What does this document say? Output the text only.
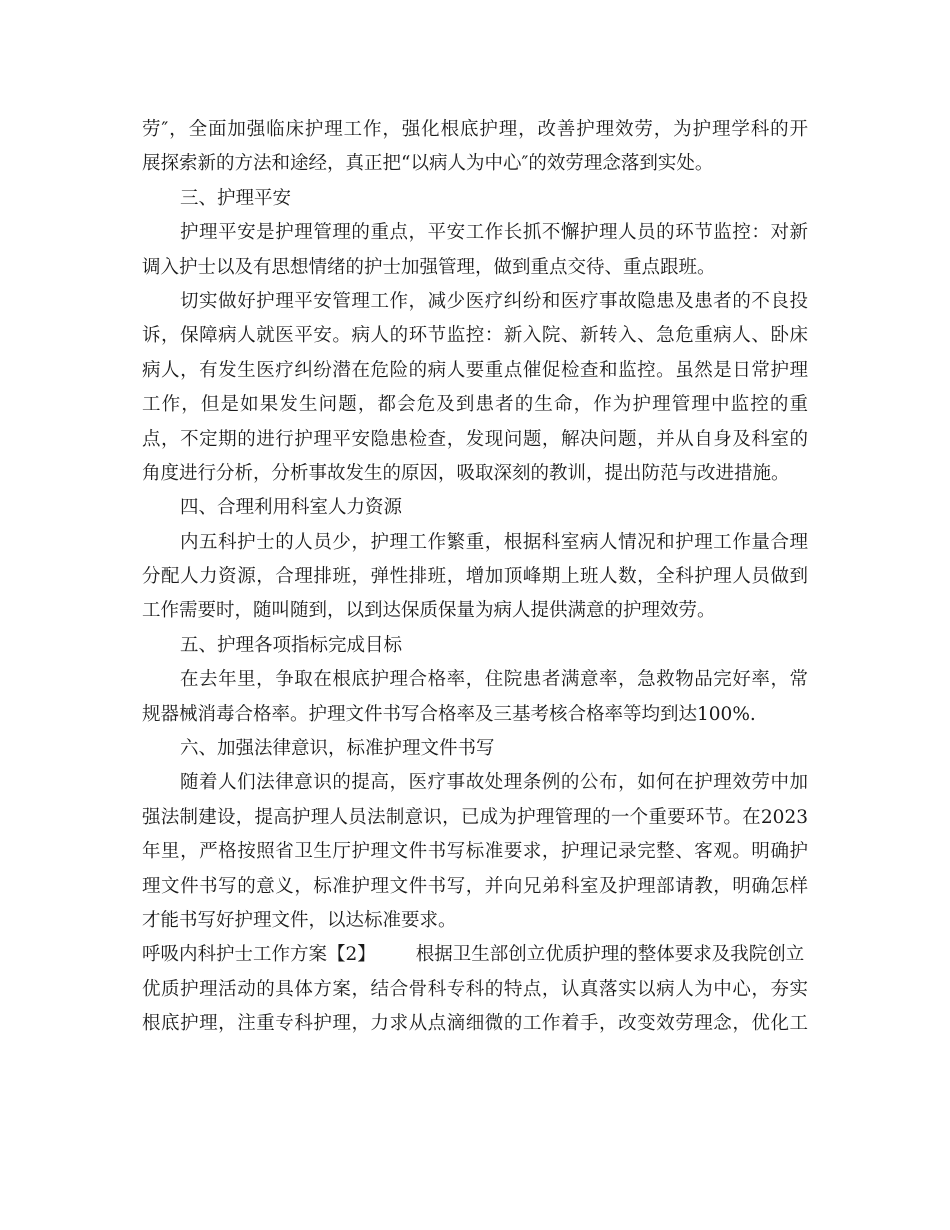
劳″，全面加强临床护理工作，强化根底护理，改善护理效劳，为护理学科的开
展探索新的方法和途经，真正把“以病人为中心″的效劳理念落到实处。
三、护理平安
护理平安是护理管理的重点，平安工作长抓不懈护理人员的环节监控：对新
调入护士以及有思想情绪的护士加强管理，做到重点交待、重点跟班。
切实做好护理平安管理工作，减少医疗纠纷和医疗事故隐患及患者的不良投
诉，保障病人就医平安。病人的环节监控：新入院、新转入、急危重病人、卧床
病人，有发生医疗纠纷潜在危险的病人要重点催促检查和监控。虽然是日常护理
工作，但是如果发生问题，都会危及到患者的生命，作为护理管理中监控的重
点，不定期的进行护理平安隐患检查，发现问题，解决问题，并从自身及科室的
角度进行分析，分析事故发生的原因，吸取深刻的教训，提出防范与改进措施。
四、合理利用科室人力资源
内五科护士的人员少，护理工作繁重，根据科室病人情况和护理工作量合理
分配人力资源，合理排班，弹性排班，增加顶峰期上班人数，全科护理人员做到
工作需要时，随叫随到，以到达保质保量为病人提供满意的护理效劳。
五、护理各项指标完成目标
在去年里，争取在根底护理合格率，住院患者满意率，急救物品完好率，常
规器械消毒合格率。护理文件书写合格率及三基考核合格率等均到达100%.
六、加强法律意识，标准护理文件书写
随着人们法律意识的提高，医疗事故处理条例的公布，如何在护理效劳中加
强法制建设，提高护理人员法制意识，已成为护理管理的一个重要环节。在2023
年里，严格按照省卫生厅护理文件书写标准要求，护理记录完整、客观。明确护
理文件书写的意义，标准护理文件书写，并向兄弟科室及护理部请教，明确怎样
才能书写好护理文件，以达标准要求。
呼吸内科护士工作方案【2】 根据卫生部创立优质护理的整体要求及我院创立
优质护理活动的具体方案，结合骨科专科的特点，认真落实以病人为中心，夯实
根底护理，注重专科护理，力求从点滴细微的工作着手，改变效劳理念，优化工
